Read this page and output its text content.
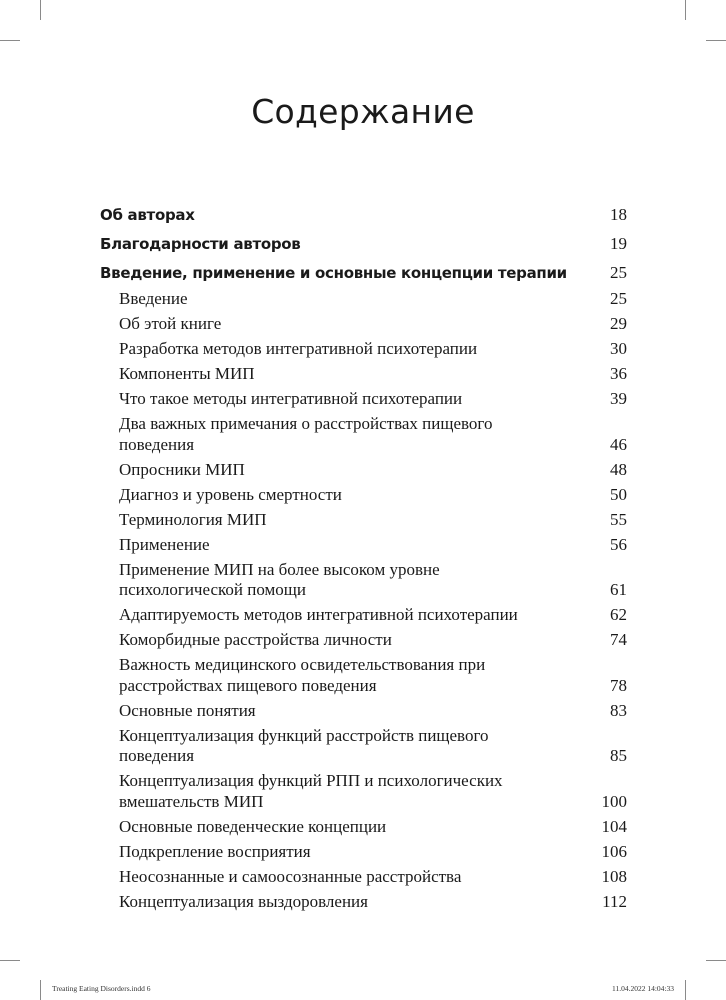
Содержание
Об авторах	18
Благодарности авторов	19
Введение, применение и основные концепции терапии	25
Введение	25
Об этой книге	29
Разработка методов интегративной психотерапии	30
Компоненты МИП	36
Что такое методы интегративной психотерапии	39
Два важных примечания о расстройствах пищевого поведения	46
Опросники МИП	48
Диагноз и уровень смертности	50
Терминология МИП	55
Применение	56
Применение МИП на более высоком уровне психологической помощи	61
Адаптируемость методов интегративной психотерапии	62
Коморбидные расстройства личности	74
Важность медицинского освидетельствования при расстройствах пищевого поведения	78
Основные понятия	83
Концептуализация функций расстройств пищевого поведения	85
Концептуализация функций РПП и психологических вмешательств МИП	100
Основные поведенческие концепции	104
Подкрепление восприятия	106
Неосознанные и самоосознанные расстройства	108
Концептуализация выздоровления	112
Treating Eating Disorders.indd 6	11.04.2022 14:04:33
